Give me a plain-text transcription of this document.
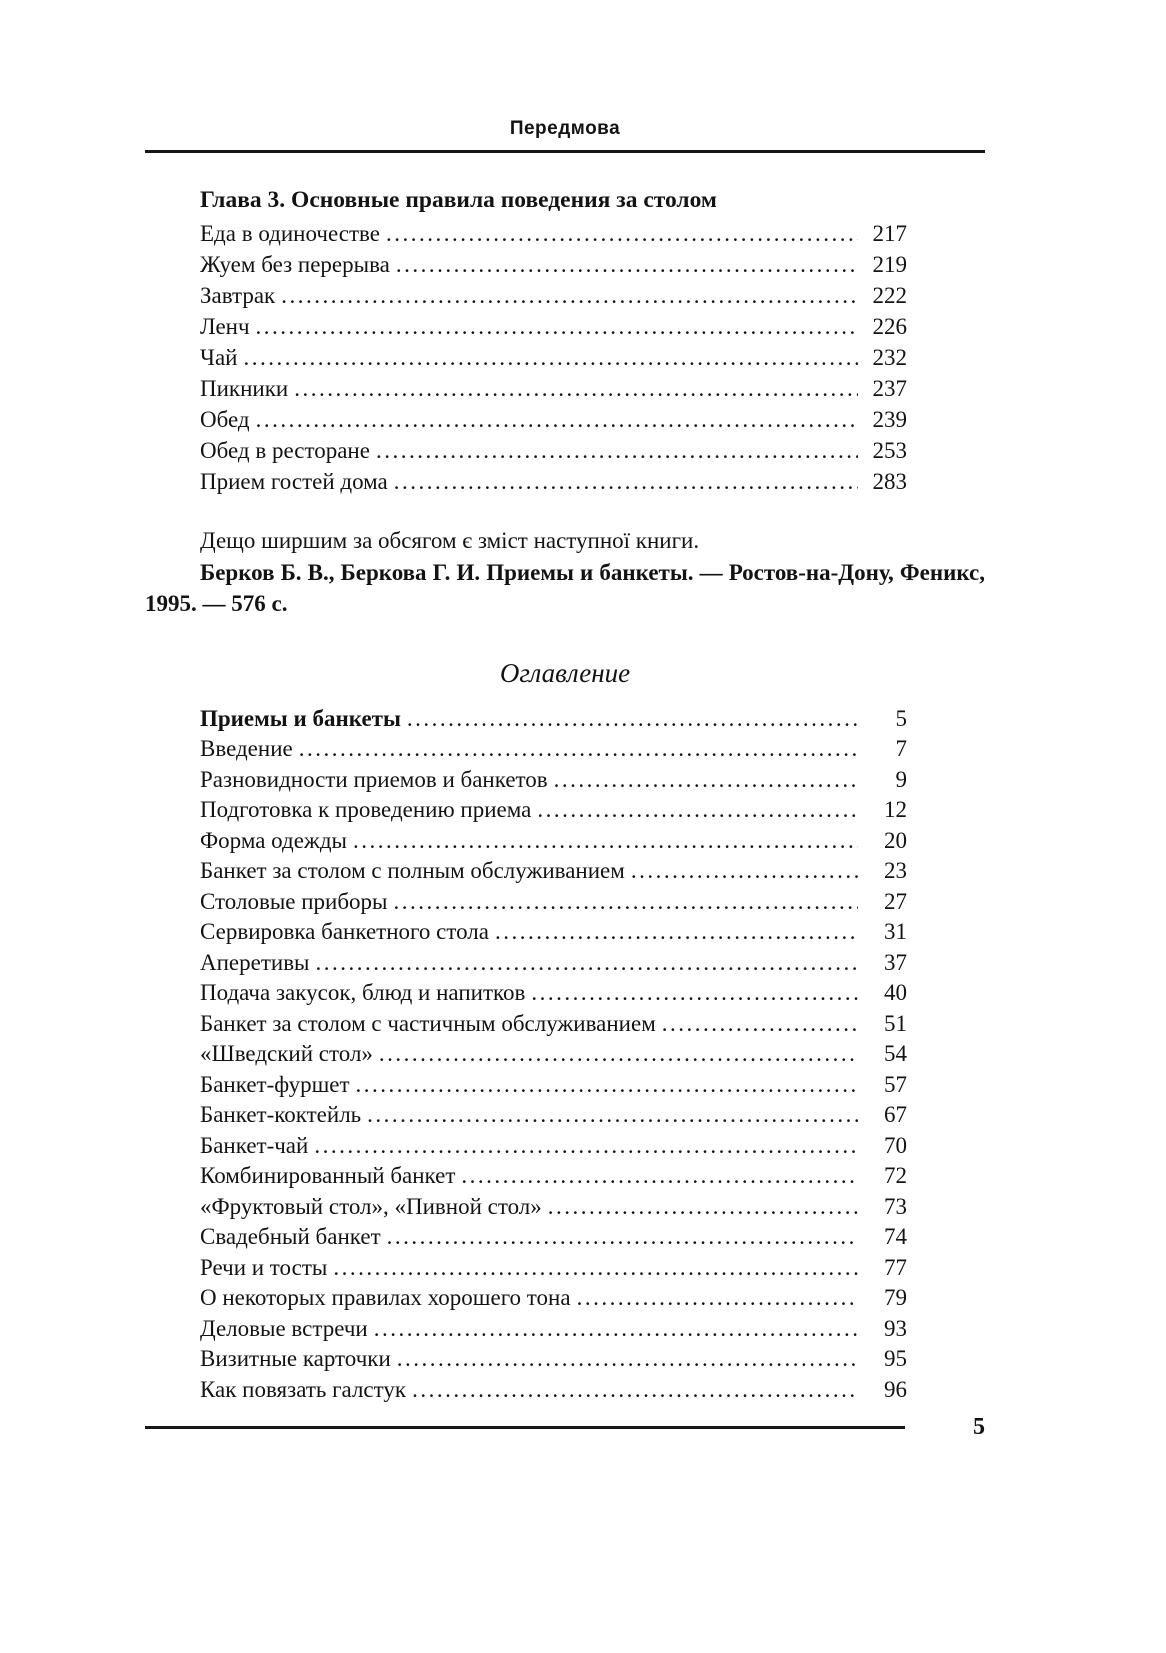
Передмова
Глава 3. Основные правила поведения за столом
Еда в одиночестве .....	217
Жуем без перерыва .....	219
Завтрак .....	222
Ленч .....	226
Чай .....	232
Пикники .....	237
Обед .....	239
Обед в ресторане .....	253
Прием гостей дома .....	283

Дещо ширшим за обсягом є зміст наступної книги.

Берков Б. В., Беркова Г. И. Приемы и банкеты. — Ростов-на-Дону, Феникс, 1995. — 576 с.

Оглавление
Приемы и банкеты .....	5
Введение .....	7
Разновидности приемов и банкетов .....	9
Подготовка к проведению приема .....	12
Форма одежды .....	20
Банкет за столом с полным обслуживанием .....	23
Столовые приборы .....	27
Сервировка банкетного стола .....	31
Аперетивы .....	37
Подача закусок, блюд и напитков .....	40
Банкет за столом с частичным обслуживанием .....	51
«Шведский стол» .....	54
Банкет-фуршет .....	57
Банкет-коктейль .....	67
Банкет-чай .....	70
Комбинированный банкет .....	72
«Фруктовый стол», «Пивной стол» .....	73
Свадебный банкет .....	74
Речи и тосты .....	77
О некоторых правилах хорошего тона .....	79
Деловые встречи .....	93
Визитные карточки .....	95
Как повязать галстук .....	96
5
